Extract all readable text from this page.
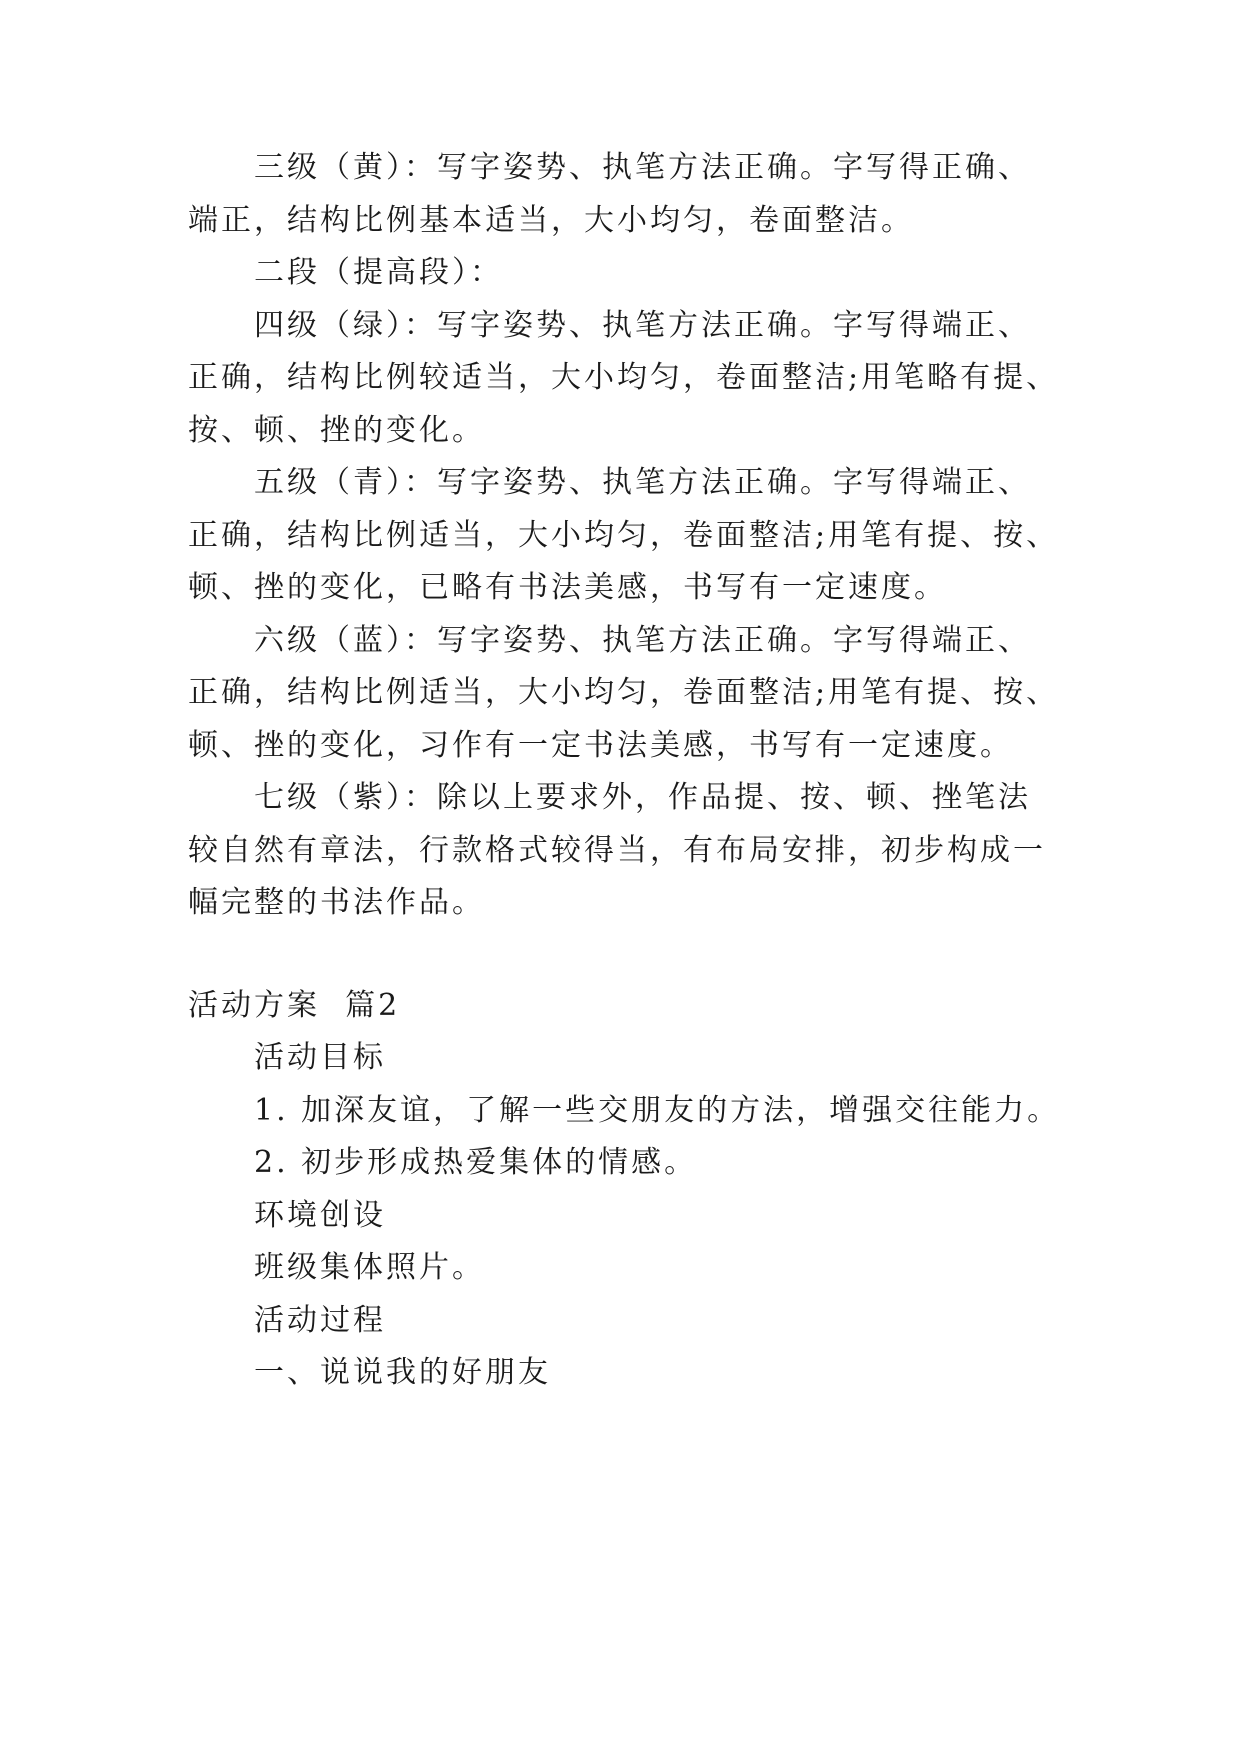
三级（黄）：写字姿势、执笔方法正确。字写得正确、

端正，结构比例基本适当，大小均匀，卷面整洁。

二段（提高段）：

四级（绿）：写字姿势、执笔方法正确。字写得端正、

正确，结构比例较适当，大小均匀，卷面整洁;用笔略有提、

按、顿、挫的变化。

五级（青）：写字姿势、执笔方法正确。字写得端正、

正确，结构比例适当，大小均匀，卷面整洁;用笔有提、按、

顿、挫的变化，已略有书法美感，书写有一定速度。

六级（蓝）：写字姿势、执笔方法正确。字写得端正、

正确，结构比例适当，大小均匀，卷面整洁;用笔有提、按、

顿、挫的变化，习作有一定书法美感，书写有一定速度。

七级（紫）：除以上要求外，作品提、按、顿、挫笔法

较自然有章法，行款格式较得当，有布局安排，初步构成一

幅完整的书法作品。

活动方案  篇2

活动目标

1. 加深友谊，了解一些交朋友的方法，增强交往能力。

2. 初步形成热爱集体的情感。

环境创设

班级集体照片。

活动过程

一、说说我的好朋友
